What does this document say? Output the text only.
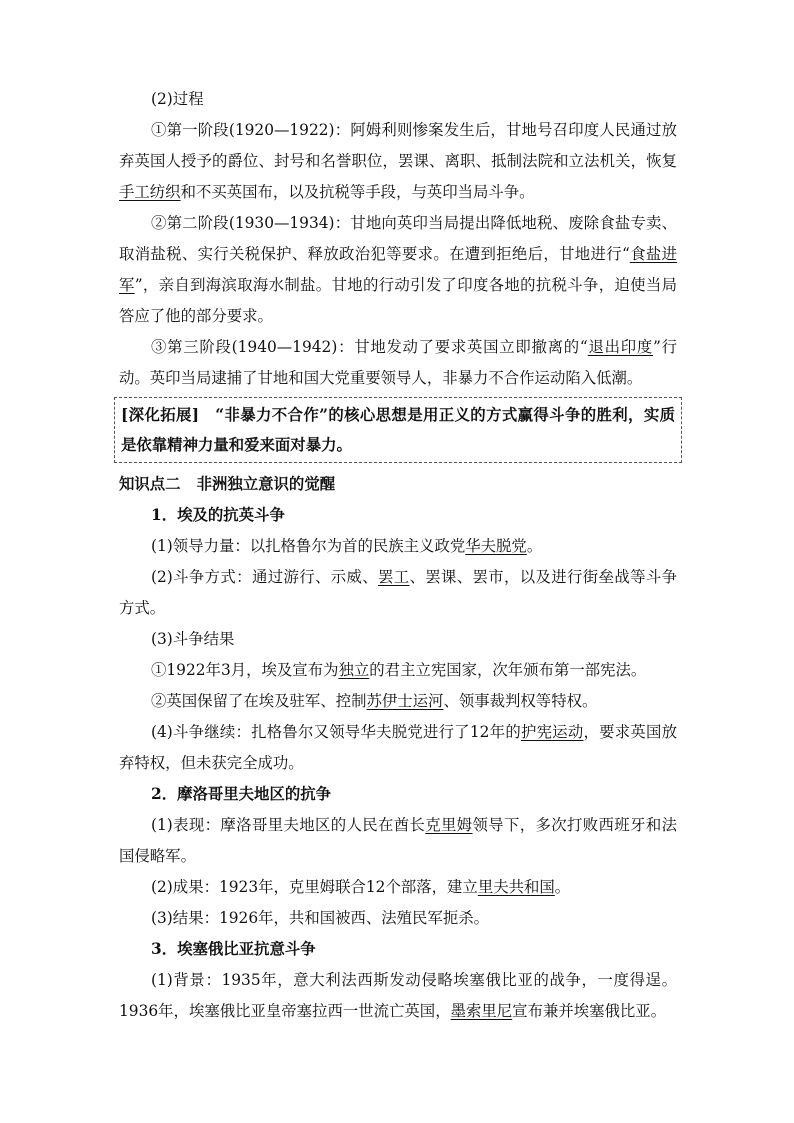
(2)过程

①第一阶段(1920—1922)：阿姆利则惨案发生后，甘地号召印度人民通过放弃英国人授予的爵位、封号和名誉职位，罢课、离职、抵制法院和立法机关，恢复手工纺织和不买英国布，以及抗税等手段，与英印当局斗争。

②第二阶段(1930—1934)：甘地向英印当局提出降低地税、废除食盐专卖、取消盐税、实行关税保护、释放政治犯等要求。在遭到拒绝后，甘地进行“食盐进军”，亲自到海滨取海水制盐。甘地的行动引发了印度各地的抗税斗争，迫使当局答应了他的部分要求。

③第三阶段(1940—1942)：甘地发动了要求英国立即撤离的“退出印度”行动。英印当局逮捕了甘地和国大党重要领导人，非暴力不合作运动陷入低潮。

[深化拓展]　“非暴力不合作”的核心思想是用正义的方式赢得斗争的胜利，实质是依靠精神力量和爱来面对暴力。

知识点二 非洲独立意识的觉醒

1．埃及的抗英斗争

(1)领导力量：以扎格鲁尔为首的民族主义政党华夫脱党。

(2)斗争方式：通过游行、示威、罢工、罢课、罢市，以及进行街垒战等斗争方式。

(3)斗争结果

①1922年3月，埃及宣布为独立的君主立宪国家，次年颁布第一部宪法。

②英国保留了在埃及驻军、控制苏伊士运河、领事裁判权等特权。

(4)斗争继续：扎格鲁尔又领导华夫脱党进行了12年的护宪运动，要求英国放弃特权，但未获完全成功。

2．摩洛哥里夫地区的抗争

(1)表现：摩洛哥里夫地区的人民在酋长克里姆领导下，多次打败西班牙和法国侵略军。

(2)成果：1923年，克里姆联合12个部落，建立里夫共和国。

(3)结果：1926年，共和国被西、法殖民军扼杀。

3．埃塞俄比亚抗意斗争

(1)背景：1935年，意大利法西斯发动侵略埃塞俄比亚的战争，一度得逞。1936年，埃塞俄比亚皇帝塞拉西一世流亡英国，墨索里尼宣布兼并埃塞俄比亚。
